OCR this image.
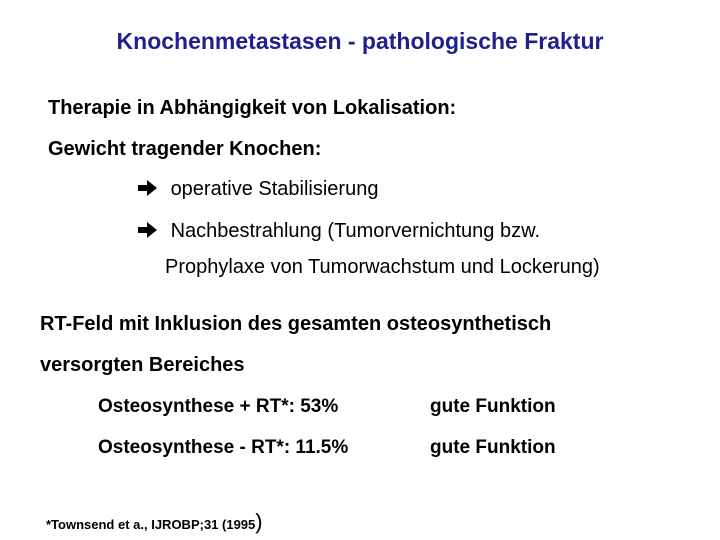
Knochenmetastasen - pathologische Fraktur
Therapie in Abhängigkeit von Lokalisation:
Gewicht tragender Knochen:
operative Stabilisierung
Nachbestrahlung (Tumorvernichtung bzw.
Prophylaxe von Tumorwachstum und Lockerung)
RT-Feld mit Inklusion des gesamten osteosynthetisch
versorgten Bereiches
Osteosynthese + RT*: 53%	gute Funktion
Osteosynthese - RT*: 11.5%	gute Funktion
*Townsend et a., IJROBP;31 (1995)
